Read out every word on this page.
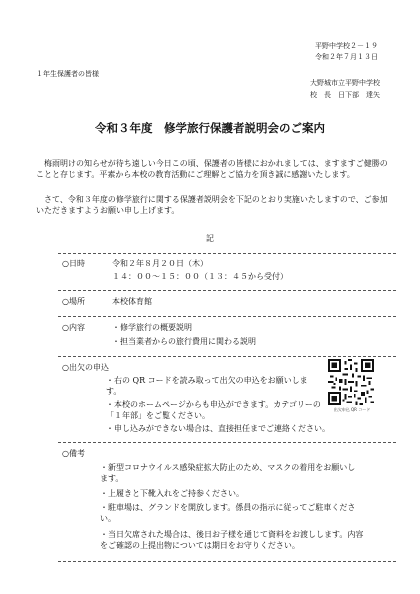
平野中学校２－１９
令和２年７月１３日
１年生保護者の皆様
大野城市立平野中学校
校　長　日下部　達矢
令和３年度　修学旅行保護者説明会のご案内
梅雨明けの知らせが待ち遠しい今日この頃、保護者の皆様におかれましては、ますますご健勝のことと存じます。平素から本校の教育活動にご理解とご協力を頂き誠に感謝いたします。
さて、令和３年度の修学旅行に関する保護者説明会を下記のとおり実施いたしますので、ご参加いただきますようお願い申し上げます。
記
○日時	令和２年８月２０日（木）
１４：００～１５：００（１３：４５から受付）
○場所	本校体育館
○内容	・修学旅行の概要説明
・担当業者からの旅行費用に関わる説明
○出欠の申込
・右の QR コードを読み取って出欠の申込をお願いします。
・本校のホームページからも申込ができます。カテゴリーの「１年部」をご覧ください。
・申し込みができない場合は、直接担任までご連絡ください。
出欠申込 QR コード
○備考
・新型コロナウイルス感染症拡大防止のため、マスクの着用をお願いします。
・上履きと下靴入れをご持参ください。
・駐車場は、グランドを開放します。係員の指示に従ってご駐車ください。
・当日欠席された場合は、後日お子様を通じて資料をお渡しします。内容をご確認の上提出物については期日をお守りください。
